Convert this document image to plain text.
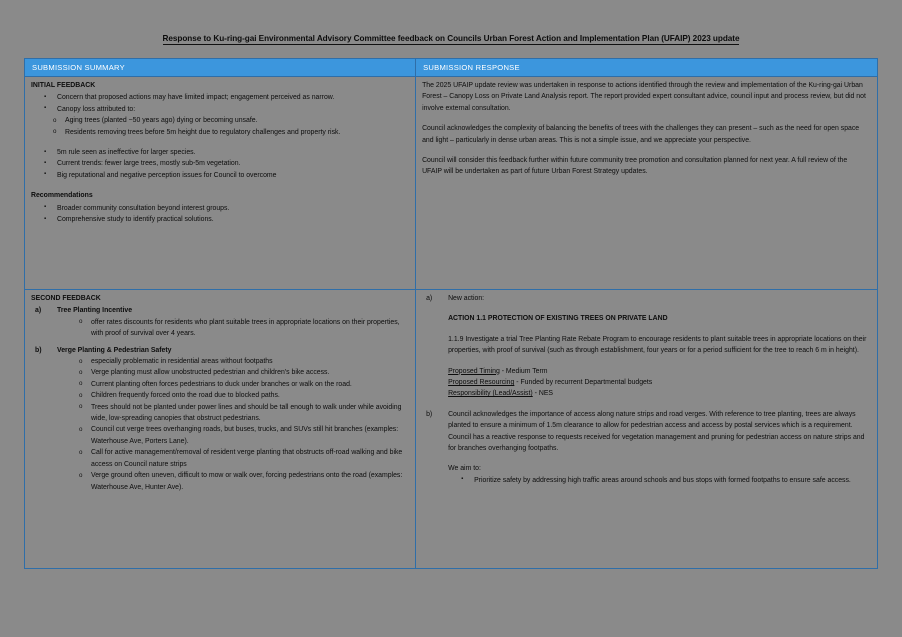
Response to Ku-ring-gai Environmental Advisory Committee feedback on Councils Urban Forest Action and Implementation Plan (UFAIP) 2023 update
SUBMISSION SUMMARY	SUBMISSION RESPONSE
INITIAL FEEDBACK
▪ Concern that proposed actions may have limited impact; engagement perceived as narrow.
▪ Canopy loss attributed to:
o Aging trees (planted ~50 years ago) dying or becoming unsafe.
o Residents removing trees before 5m height due to regulatory challenges and property risk.
▪ 5m rule seen as ineffective for larger species.
▪ Current trends: fewer large trees, mostly sub-5m vegetation.
▪ Big reputational and negative perception issues for Council to overcome
Recommendations
▪ Broader community consultation beyond interest groups.
▪ Comprehensive study to identify practical solutions.

The 2025 UFAIP update review was undertaken in response to actions identified through the review and implementation of the Ku-ring-gai Urban Forest – Canopy Loss on Private Land Analysis report. The report provided expert consultant advice, council input and process review, but did not involve external consultation.

Council acknowledges the complexity of balancing the benefits of trees with the challenges they can present – such as the need for open space and light – particularly in dense urban areas. This is not a simple issue, and we appreciate your perspective.

Council will consider this feedback further within future community tree promotion and consultation planned for next year. A full review of the UFAIP will be undertaken as part of future Urban Forest Strategy updates.

SECOND FEEDBACK
a) Tree Planting Incentive
o offer rates discounts for residents who plant suitable trees in appropriate locations on their properties, with proof of survival over 4 years.
b) Verge Planting & Pedestrian Safety
o especially problematic in residential areas without footpaths
o Verge planting must allow unobstructed pedestrian and children's bike access.
o Current planting often forces pedestrians to duck under branches or walk on the road.
o Children frequently forced onto the road due to blocked paths.
o Trees should not be planted under power lines and should be tall enough to walk under while avoiding wide, low-spreading canopies that obstruct pedestrians.
o Council cut verge trees overhanging roads, but buses, trucks, and SUVs still hit branches (examples: Waterhouse Ave, Porters Lane).
o Call for active management/removal of resident verge planting that obstructs off-road walking and bike access on Council nature strips
o Verge ground often uneven, difficult to mow or walk over, forcing pedestrians onto the road (examples: Waterhouse Ave, Hunter Ave).
a) New action:
ACTION 1.1 PROTECTION OF EXISTING TREES ON PRIVATE LAND

1.1.9 Investigate a trial Tree Planting Rate Rebate Program to encourage residents to plant suitable trees in appropriate locations on their properties, with proof of survival (such as through establishment, four years or for a period sufficient for the tree to reach 6 m in height).

Proposed Timing - Medium Term

Proposed Resourcing - Funded by recurrent Departmental budgets

Responsibility (Lead/Assist) - NES

b) Council acknowledges the importance of access along nature strips and road verges. With reference to tree planting, trees are always planted to ensure a minimum of 1.5m clearance to allow for pedestrian access and access by postal services which is a requirement. Council has a reactive response to requests received for vegetation management and pruning for pedestrian access on nature strips and for branches overhanging footpaths.
We aim to:
▪ Prioritize safety by addressing high traffic areas around schools and bus stops with formed footpaths to ensure safe access.
